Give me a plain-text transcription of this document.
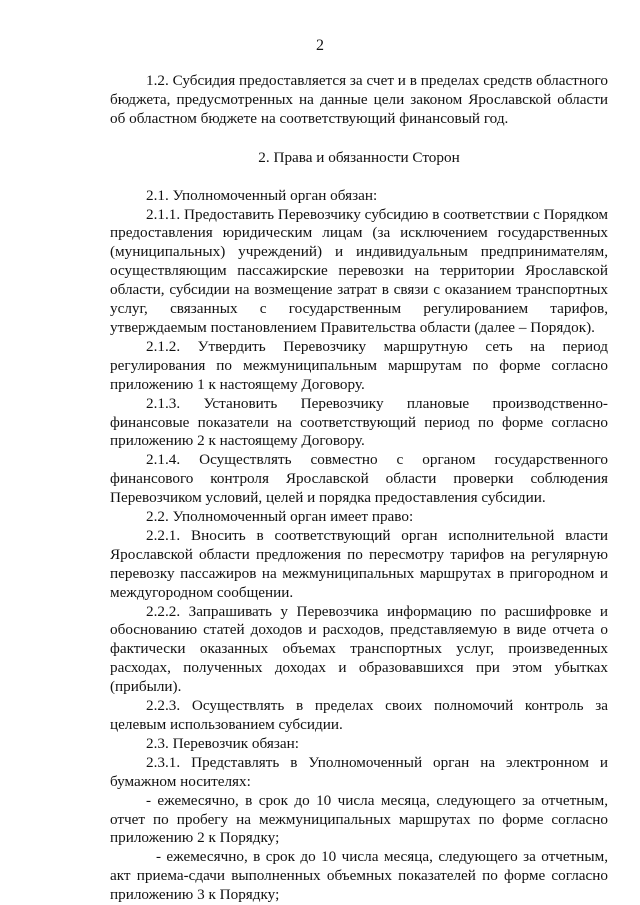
2

1.2. Субсидия предоставляется за счет и в пределах средств областного бюджета, предусмотренных на данные цели законом Ярославской области об областном бюджете на соответствующий финансовый год.

2. Права и обязанности Сторон

2.1. Уполномоченный орган обязан:

2.1.1. Предоставить Перевозчику субсидию в соответствии с Порядком предоставления юридическим лицам (за исключением государственных (муниципальных) учреждений) и индивидуальным предпринимателям, осуществляющим пассажирские перевозки на территории Ярославской области, субсидии на возмещение затрат в связи с оказанием транспортных услуг, связанных с государственным регулированием тарифов, утверждаемым постановлением Правительства области (далее – Порядок).

2.1.2. Утвердить Перевозчику маршрутную сеть на период регулирования по межмуниципальным маршрутам по форме согласно приложению 1 к настоящему Договору.

2.1.3. Установить Перевозчику плановые производственно-финансовые показатели на соответствующий период по форме согласно приложению 2 к настоящему Договору.

2.1.4. Осуществлять совместно с органом государственного финансового контроля Ярославской области проверки соблюдения Перевозчиком условий, целей и порядка предоставления субсидии.

2.2. Уполномоченный орган имеет право:

2.2.1. Вносить в соответствующий орган исполнительной власти Ярославской области предложения по пересмотру тарифов на регулярную перевозку пассажиров на межмуниципальных маршрутах в пригородном и междугородном сообщении.

2.2.2. Запрашивать у Перевозчика информацию по расшифровке и обоснованию статей доходов и расходов, представляемую в виде отчета о фактически оказанных объемах транспортных услуг, произведенных расходах, полученных доходах и образовавшихся при этом убытках (прибыли).

2.2.3. Осуществлять в пределах своих полномочий контроль за целевым использованием субсидии.

2.3. Перевозчик обязан:

2.3.1. Представлять в Уполномоченный орган на электронном и бумажном носителях:

- ежемесячно, в срок до 10 числа месяца, следующего за отчетным, отчет по пробегу на межмуниципальных маршрутах по форме согласно приложению 2 к Порядку;

- ежемесячно, в срок до 10 числа месяца, следующего за отчетным, акт приема-сдачи выполненных объемных показателей по форме согласно приложению 3 к Порядку;
